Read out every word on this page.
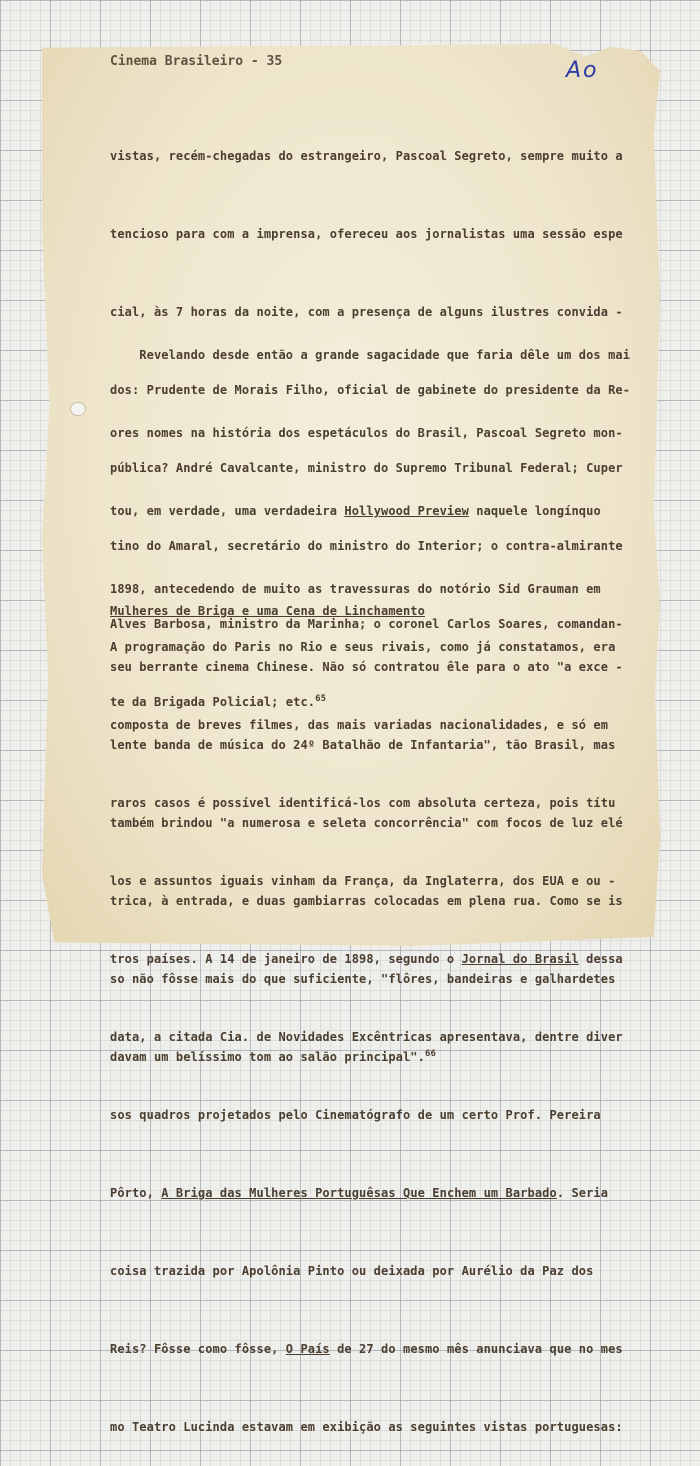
Ao
Cinema Brasileiro - 35

vistas, recém-chegadas do estrangeiro, Pascoal Segreto, sempre muito a

tencioso para com a imprensa, ofereceu aos jornalistas uma sessão espe

cial, às 7 horas da noite, com a presença de alguns ilustres convida -

dos: Prudente de Morais Filho, oficial de gabinete do presidente da Re-

pública? André Cavalcante, ministro do Supremo Tribunal Federal; Cuper

tino do Amaral, secretário do ministro do Interior; o contra-almirante

Alves Barbosa, ministro da Marinha; o coronel Carlos Soares, comandan-

te da Brigada Policial; etc.$^{65}$

Revelando desde então a grande sagacidade que faria dêle um dos mai

ores nomes na história dos espetáculos do Brasil, Pascoal Segreto mon-

tou, em verdade, uma verdadeira Hollywood Preview naquele longínquo

1898, antecedendo de muito as travessuras do notório Sid Grauman em

seu berrante cinema Chinese. Não só contratou êle para o ato "a exce -

lente banda de música do 24º Batalhão de Infantaria", tão Brasil, mas

também brindou "a numerosa e seleta concorrência" com focos de luz elé

trica, à entrada, e duas gambiarras colocadas em plena rua. Como se is

so não fôsse mais do que suficiente, "flôres, bandeiras e galhardetes

davam um belíssimo tom ao salão principal".$^{66}$

Mulheres de Briga e uma Cena de Linchamento

A programação do Paris no Rio e seus rivais, como já constatamos, era

composta de breves filmes, das mais variadas nacionalidades, e só em

raros casos é possível identificá-los com absoluta certeza, pois títu

los e assuntos iguais vinham da França, da Inglaterra, dos EUA e ou -

tros países. A 14 de janeiro de 1898, segundo o Jornal do Brasil dessa

data, a citada Cia. de Novidades Excêntricas apresentava, dentre diver

sos quadros projetados pelo Cinematógrafo de um certo Prof. Pereira

Pôrto, A Briga das Mulheres Portuguêsas Que Enchem um Barbado. Seria

coisa trazida por Apolônia Pinto ou deixada por Aurélio da Paz dos

Reis? Fôsse como fôsse, O País de 27 do mesmo mês anunciava que no mes

mo Teatro Lucinda estavam em exibição as seguintes vistas portuguesas:
